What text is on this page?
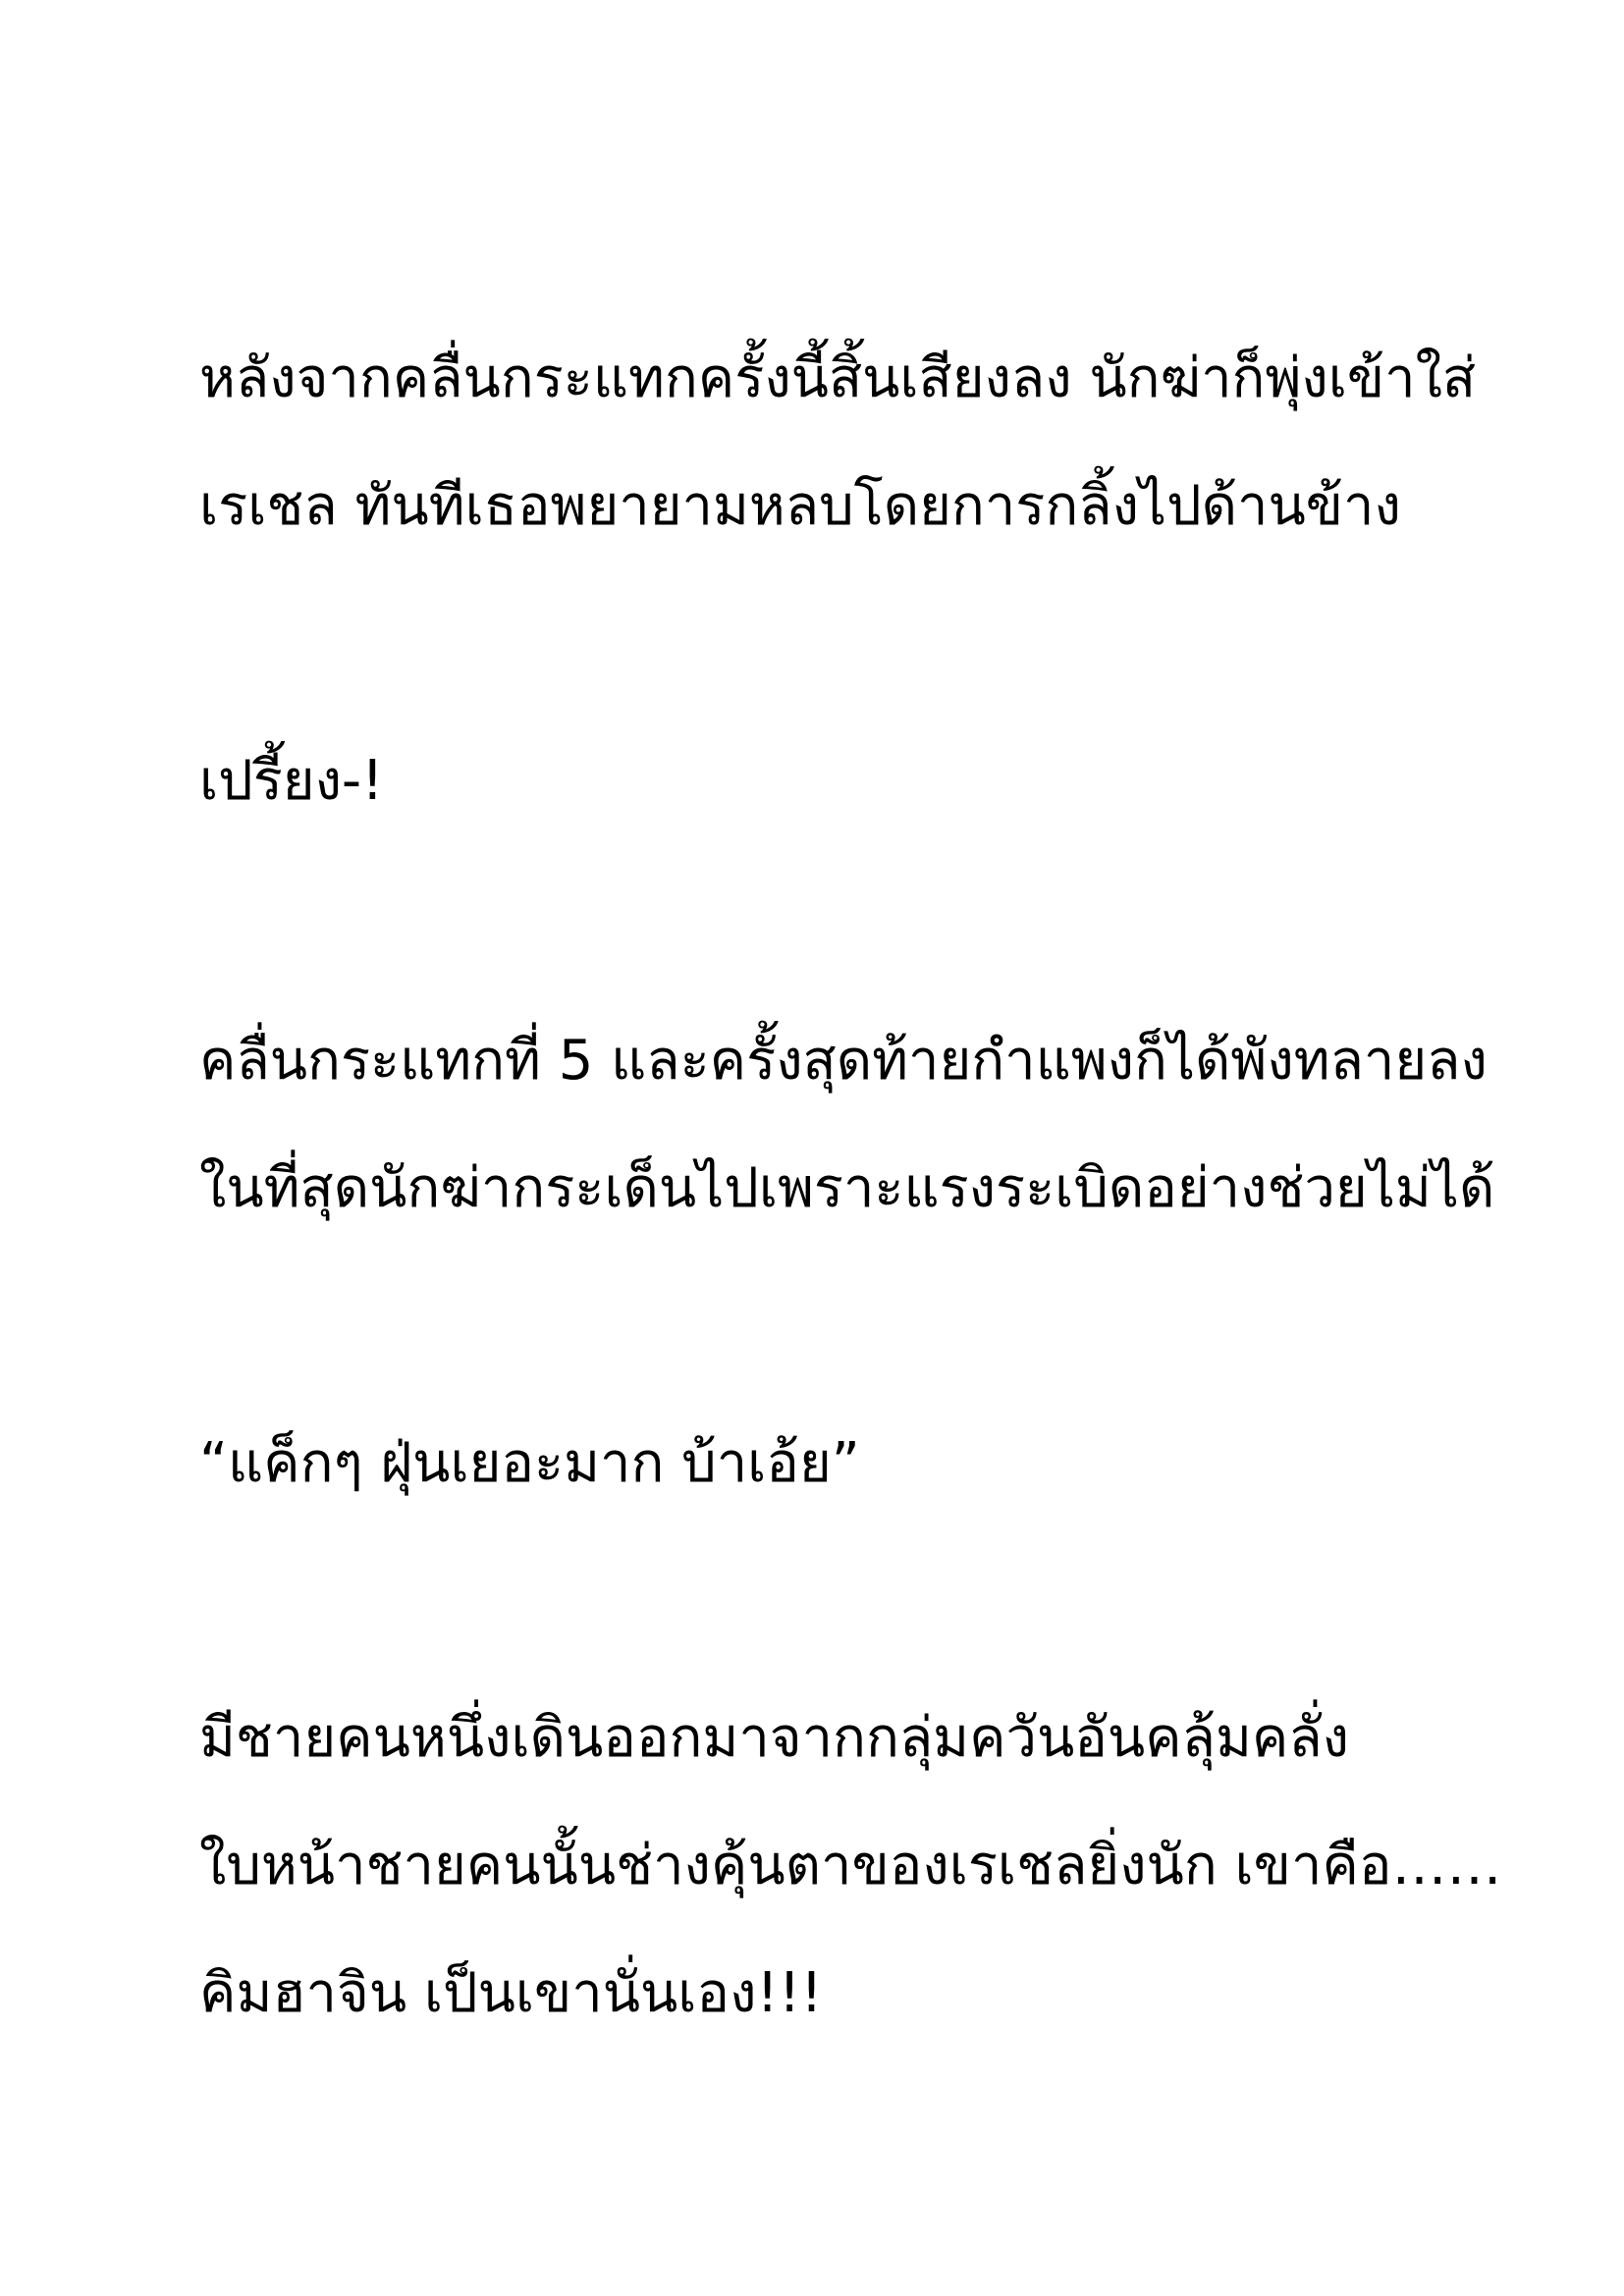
หลังจากคลื่นกระแทกครั้งนี้สิ้นเสียงลง นักฆ่าก็พุ่งเข้าใส่
เรเชล ทันทีเธอพยายามหลบโดยการกลิ้งไปด้านข้าง
เปรี้ยง-!
คลื่นกระแทกที่ 5 และครั้งสุดท้ายกำแพงก็ได้พังทลายลง
ในที่สุดนักฆ่ากระเด็นไปเพราะแรงระเบิดอย่างช่วยไม่ได้
“แค็กๆ ฝุ่นเยอะมาก บ้าเอ้ย”
มีชายคนหนึ่งเดินออกมาจากกลุ่มควันอันคลุ้มคลั่ง
ใบหน้าชายคนนั้นช่างคุ้นตาของเรเชลยิ่งนัก เขาคือ……
คิมฮาจิน เป็นเขานั่นเอง!!!
